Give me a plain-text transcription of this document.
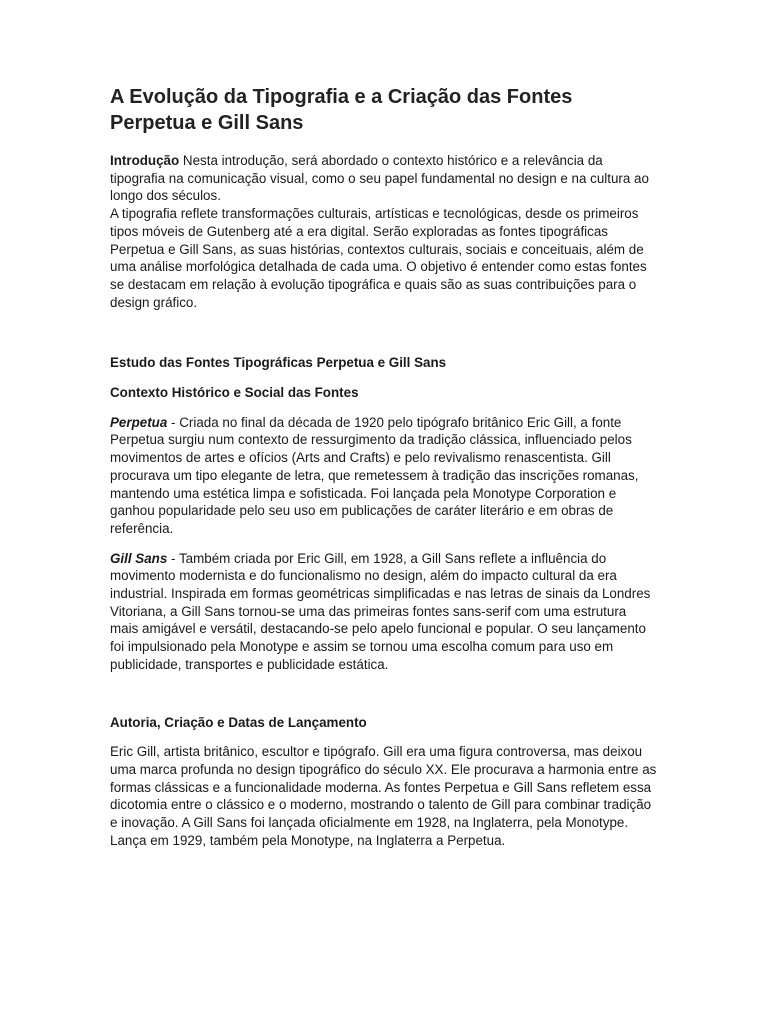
A Evolução da Tipografia e a Criação das Fontes Perpetua e Gill Sans

Introdução Nesta introdução, será abordado o contexto histórico e a relevância da tipografia na comunicação visual, como o seu papel fundamental no design e na cultura ao longo dos séculos.

A tipografia reflete transformações culturais, artísticas e tecnológicas, desde os primeiros tipos móveis de Gutenberg até a era digital. Serão exploradas as fontes tipográficas Perpetua e Gill Sans, as suas histórias, contextos culturais, sociais e conceituais, além de uma análise morfológica detalhada de cada uma. O objetivo é entender como estas fontes se destacam em relação à evolução tipográfica e quais são as suas contribuições para o design gráfico.

Estudo das Fontes Tipográficas Perpetua e Gill Sans
Contexto Histórico e Social das Fontes

Perpetua - Criada no final da década de 1920 pelo tipógrafo britânico Eric Gill, a fonte Perpetua surgiu num contexto de ressurgimento da tradição clássica, influenciado pelos movimentos de artes e ofícios (Arts and Crafts) e pelo revivalismo renascentista. Gill procurava um tipo elegante de letra, que remetessem à tradição das inscrições romanas, mantendo uma estética limpa e sofisticada. Foi lançada pela Monotype Corporation e ganhou popularidade pelo seu uso em publicações de caráter literário e em obras de referência.

Gill Sans - Também criada por Eric Gill, em 1928, a Gill Sans reflete a influência do movimento modernista e do funcionalismo no design, além do impacto cultural da era industrial. Inspirada em formas geométricas simplificadas e nas letras de sinais da Londres Vitoriana, a Gill Sans tornou-se uma das primeiras fontes sans-serif com uma estrutura mais amigável e versátil, destacando-se pelo apelo funcional e popular. O seu lançamento foi impulsionado pela Monotype e assim se tornou uma escolha comum para uso em publicidade, transportes e publicidade estática.

Autoria, Criação e Datas de Lançamento

Eric Gill, artista britânico, escultor e tipógrafo. Gill era uma figura controversa, mas deixou uma marca profunda no design tipográfico do século XX. Ele procurava a harmonia entre as formas clássicas e a funcionalidade moderna. As fontes Perpetua e Gill Sans refletem essa dicotomia entre o clássico e o moderno, mostrando o talento de Gill para combinar tradição e inovação. A Gill Sans foi lançada oficialmente em 1928, na Inglaterra, pela Monotype. Lança em 1929, também pela Monotype, na Inglaterra a Perpetua.
